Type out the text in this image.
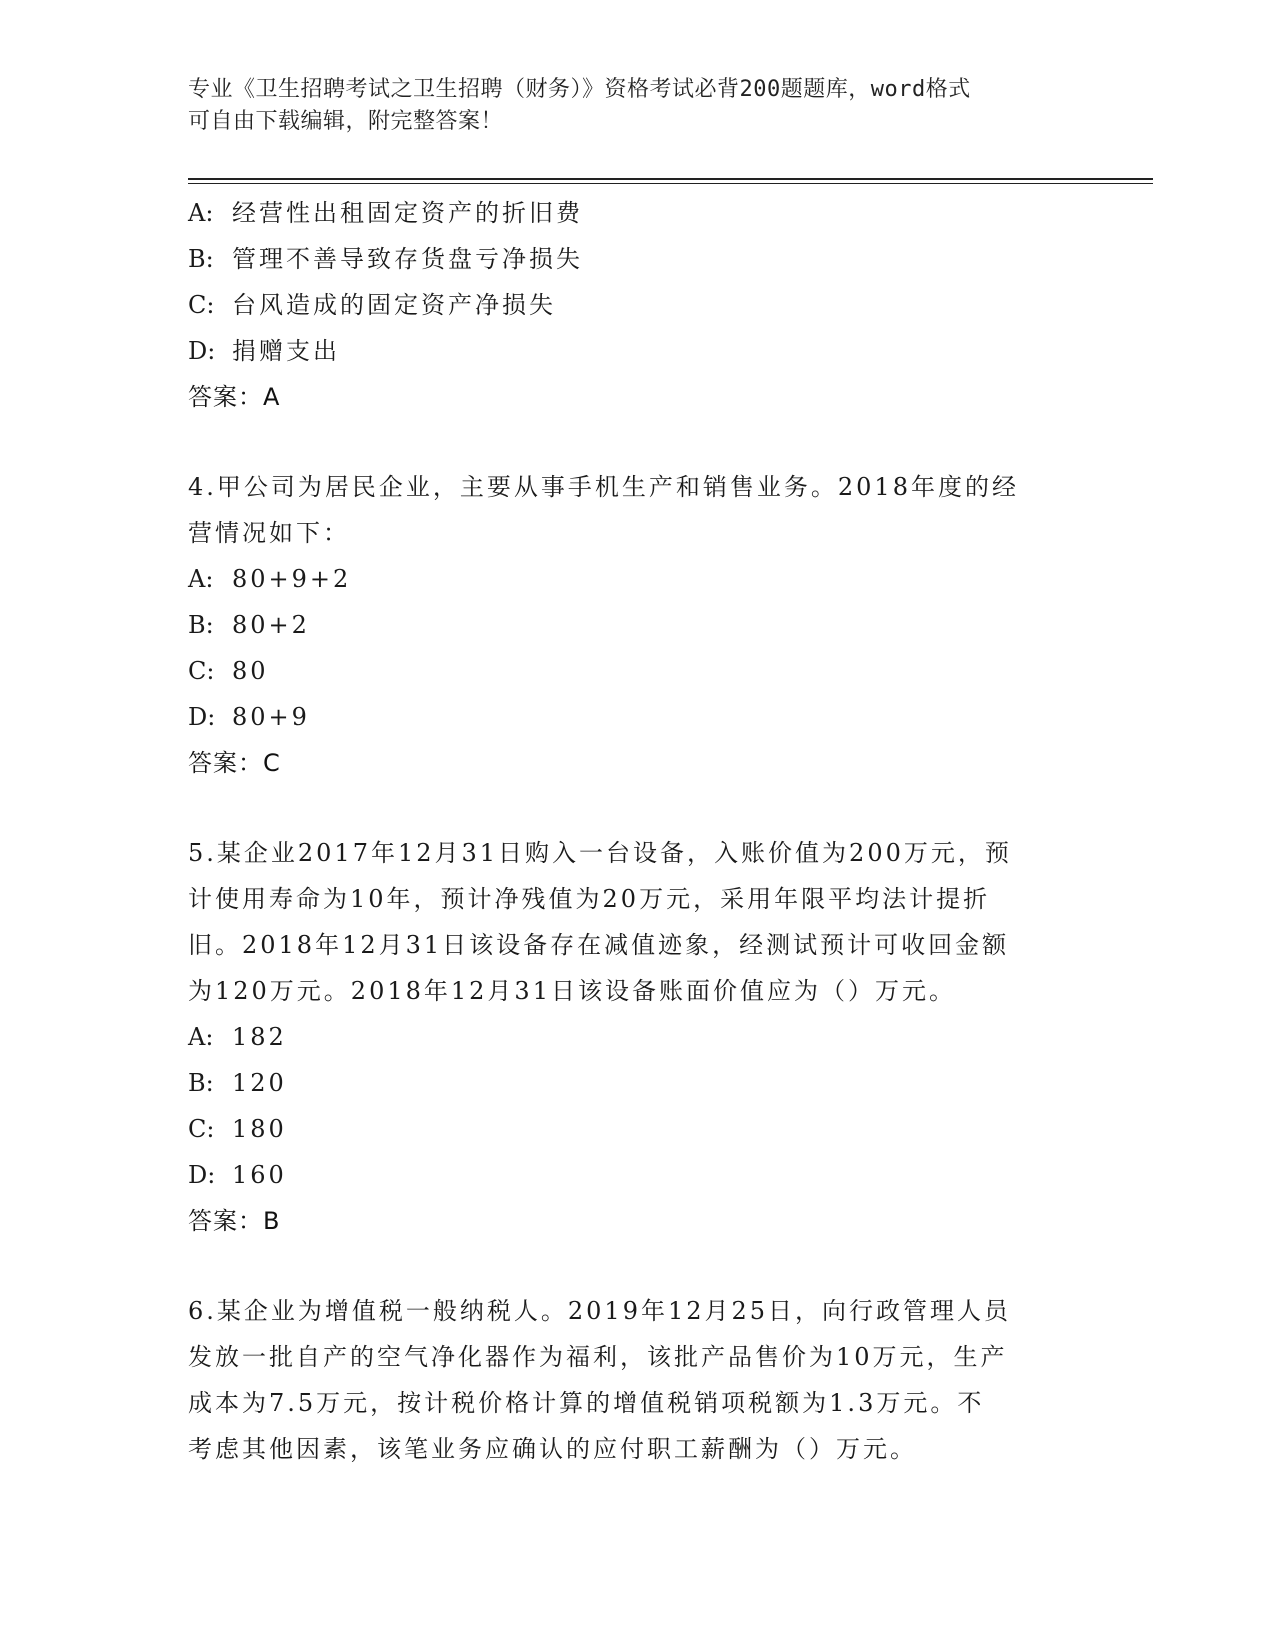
专业《卫生招聘考试之卫生招聘（财务）》资格考试必背200题题库，word格式
可自由下载编辑，附完整答案！
A: 经营性出租固定资产的折旧费
B: 管理不善导致存货盘亏净损失
C: 台风造成的固定资产净损失
D: 捐赠支出
答案：A
4.甲公司为居民企业，主要从事手机生产和销售业务。2018年度的经
营情况如下：
A: 80+9+2
B: 80+2
C: 80
D: 80+9
答案：C
5.某企业2017年12月31日购入一台设备，入账价值为200万元，预
计使用寿命为10年，预计净残值为20万元，采用年限平均法计提折
旧。2018年12月31日该设备存在减值迹象，经测试预计可收回金额
为120万元。2018年12月31日该设备账面价值应为（）万元。
A: 182
B: 120
C: 180
D: 160
答案：B
6.某企业为增值税一般纳税人。2019年12月25日，向行政管理人员
发放一批自产的空气净化器作为福利，该批产品售价为10万元，生产
成本为7.5万元，按计税价格计算的增值税销项税额为1.3万元。不
考虑其他因素，该笔业务应确认的应付职工薪酬为（）万元。
